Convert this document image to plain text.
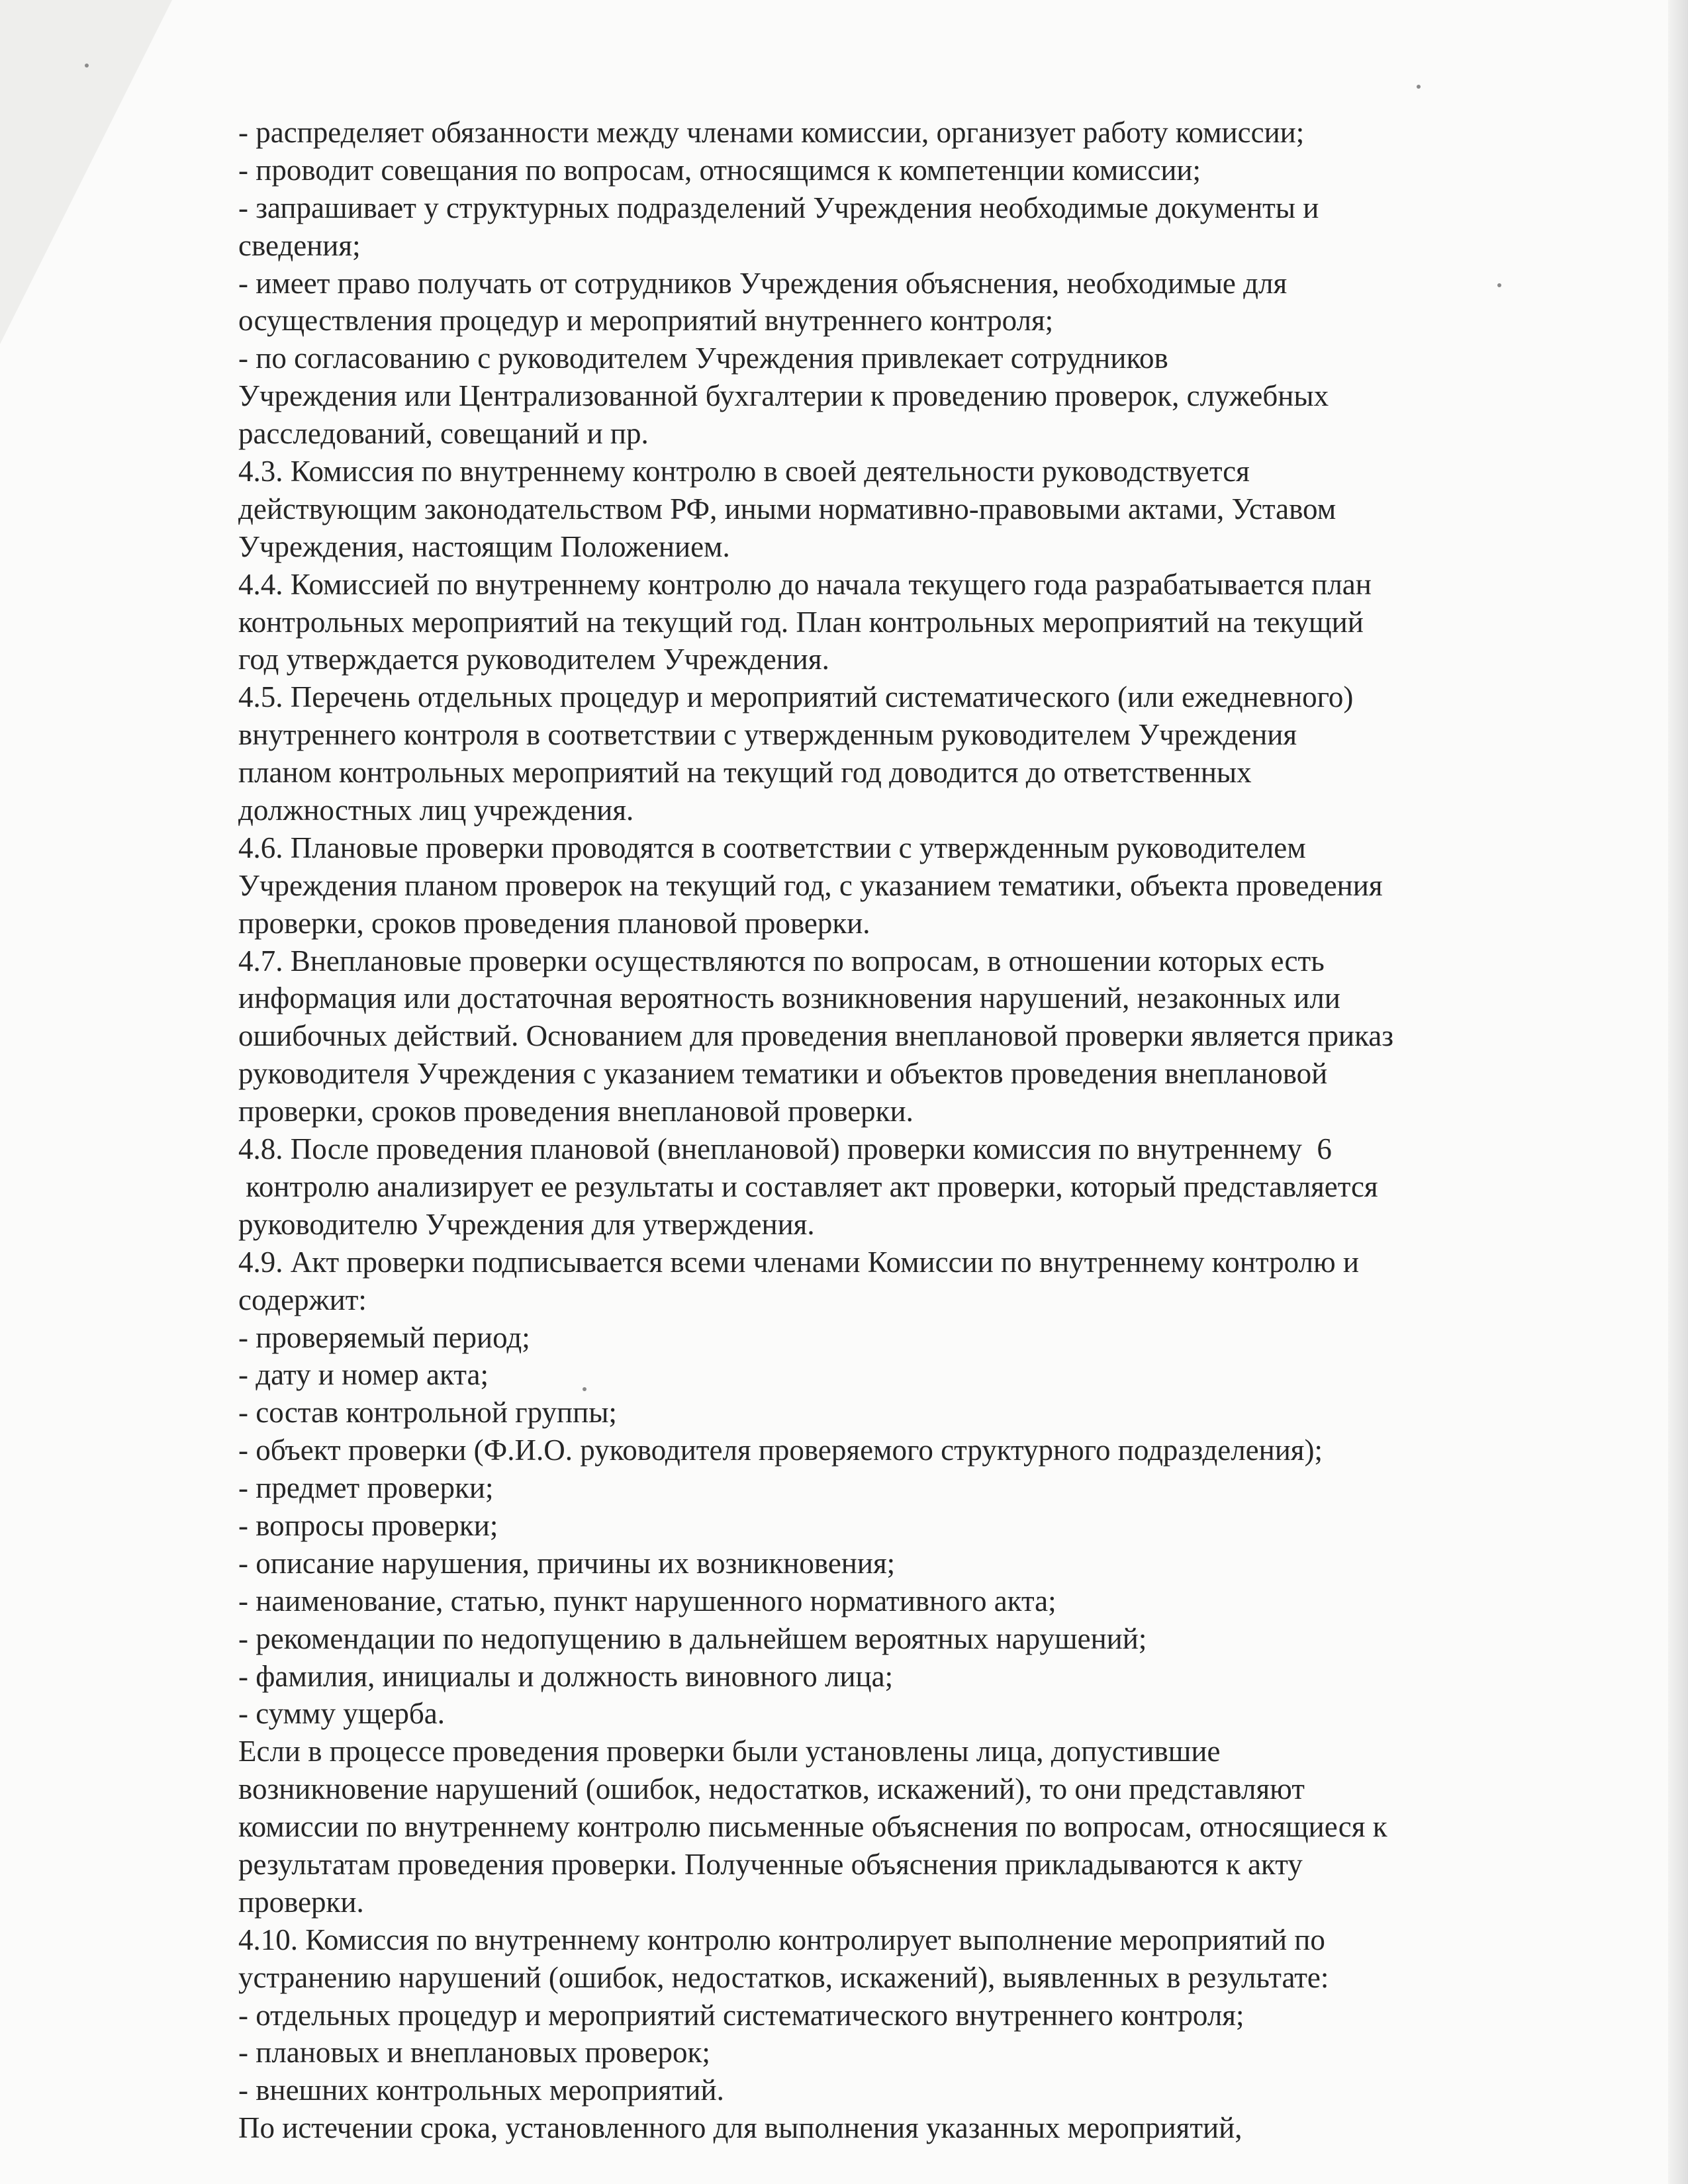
- распределяет обязанности между членами комиссии, организует работу комиссии;
- проводит совещания по вопросам, относящимся к компетенции комиссии;
- запрашивает у структурных подразделений Учреждения необходимые документы и
сведения;
- имеет право получать от сотрудников Учреждения объяснения, необходимые для
осуществления процедур и мероприятий внутреннего контроля;
- по согласованию с руководителем Учреждения привлекает сотрудников
Учреждения или Централизованной бухгалтерии к проведению проверок, служебных
расследований, совещаний и пр.
4.3. Комиссия по внутреннему контролю в своей деятельности руководствуется
действующим законодательством РФ, иными нормативно-правовыми актами, Уставом
Учреждения, настоящим Положением.
4.4. Комиссией по внутреннему контролю до начала текущего года разрабатывается план
контрольных мероприятий на текущий год. План контрольных мероприятий на текущий
год утверждается руководителем Учреждения.
4.5. Перечень отдельных процедур и мероприятий систематического (или ежедневного)
внутреннего контроля в соответствии с утвержденным руководителем Учреждения
планом контрольных мероприятий на текущий год доводится до ответственных
должностных лиц учреждения.
4.6. Плановые проверки проводятся в соответствии с утвержденным руководителем
Учреждения планом проверок на текущий год, с указанием тематики, объекта проведения
проверки, сроков проведения плановой проверки.
4.7. Внеплановые проверки осуществляются по вопросам, в отношении которых есть
информация или достаточная вероятность возникновения нарушений, незаконных или
ошибочных действий. Основанием для проведения внеплановой проверки является приказ
руководителя Учреждения с указанием тематики и объектов проведения внеплановой
проверки, сроков проведения внеплановой проверки.
4.8. После проведения плановой (внеплановой) проверки комиссия по внутреннему  6
контролю анализирует ее результаты и составляет акт проверки, который представляется
руководителю Учреждения для утверждения.
4.9. Акт проверки подписывается всеми членами Комиссии по внутреннему контролю и
содержит:
- проверяемый период;
- дату и номер акта;
- состав контрольной группы;
- объект проверки (Ф.И.О. руководителя проверяемого структурного подразделения);
- предмет проверки;
- вопросы проверки;
- описание нарушения, причины их возникновения;
- наименование, статью, пункт нарушенного нормативного акта;
- рекомендации по недопущению в дальнейшем вероятных нарушений;
- фамилия, инициалы и должность виновного лица;
- сумму ущерба.
Если в процессе проведения проверки были установлены лица, допустившие
возникновение нарушений (ошибок, недостатков, искажений), то они представляют
комиссии по внутреннему контролю письменные объяснения по вопросам, относящиеся к
результатам проведения проверки. Полученные объяснения прикладываются к акту
проверки.
4.10. Комиссия по внутреннему контролю контролирует выполнение мероприятий по
устранению нарушений (ошибок, недостатков, искажений), выявленных в результате:
- отдельных процедур и мероприятий систематического внутреннего контроля;
- плановых и внеплановых проверок;
- внешних контрольных мероприятий.
По истечении срока, установленного для выполнения указанных мероприятий,
